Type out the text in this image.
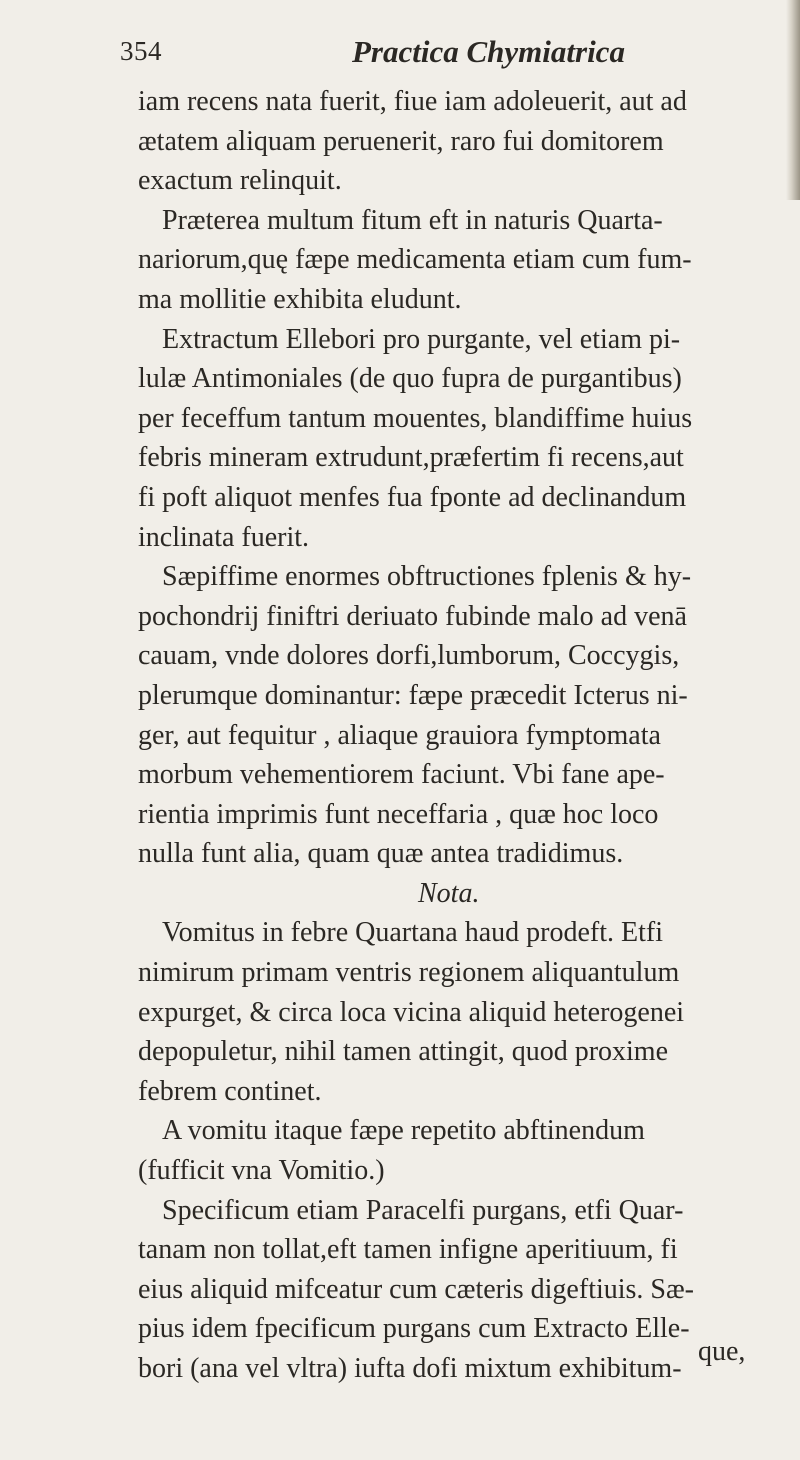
354	Practica Chymiatrica
iam recens nata fuerit, fiue iam adoleuerit, aut ad
ætatem aliquam peruenerit, raro fui domitorem
exactum relinquit.
Præterea multum fitum eft in naturis Quarta-
nariorum,quę fæpe medicamenta etiam cum fum-
ma mollitie exhibita eludunt.
Extractum Ellebori pro purgante, vel etiam pi-
lulæ Antimoniales (de quo fupra de purgantibus)
per feceffum tantum mouentes, blandiffime huius
febris mineram extrudunt,præfertim fi recens,aut
fi poft aliquot menfes fua fponte ad declinandum
inclinata fuerit.
Sæpiffime enormes obftructiones fplenis & hy-
pochondrij finiftri deriuato fubinde malo ad venā
cauam, vnde dolores dorfi,lumborum, Coccygis,
plerumque dominantur: fæpe præcedit Icterus ni-
ger, aut fequitur , aliaque grauiora fymptomata
morbum vehementiorem faciunt. Vbi fane ape-
rientia imprimis funt neceffaria , quæ hoc loco
nulla funt alia, quam quæ antea tradidimus.
Nota.
Vomitus in febre Quartana haud prodeft. Etfi
nimirum primam ventris regionem aliquantulum
expurget, & circa loca vicina aliquid heterogenei
depopuletur, nihil tamen attingit, quod proxime
febrem continet.
A vomitu itaque fæpe repetito abftinendum
(fufficit vna Vomitio.)
Specificum etiam Paracelfi purgans, etfi Quar-
tanam non tollat,eft tamen infigne aperitiuum, fi
eius aliquid mifceatur cum cæteris digeftiuis. Sæ-
pius idem fpecificum purgans cum Extracto Elle-
bori (ana vel vltra) iufta dofi mixtum exhibitum-
que,
